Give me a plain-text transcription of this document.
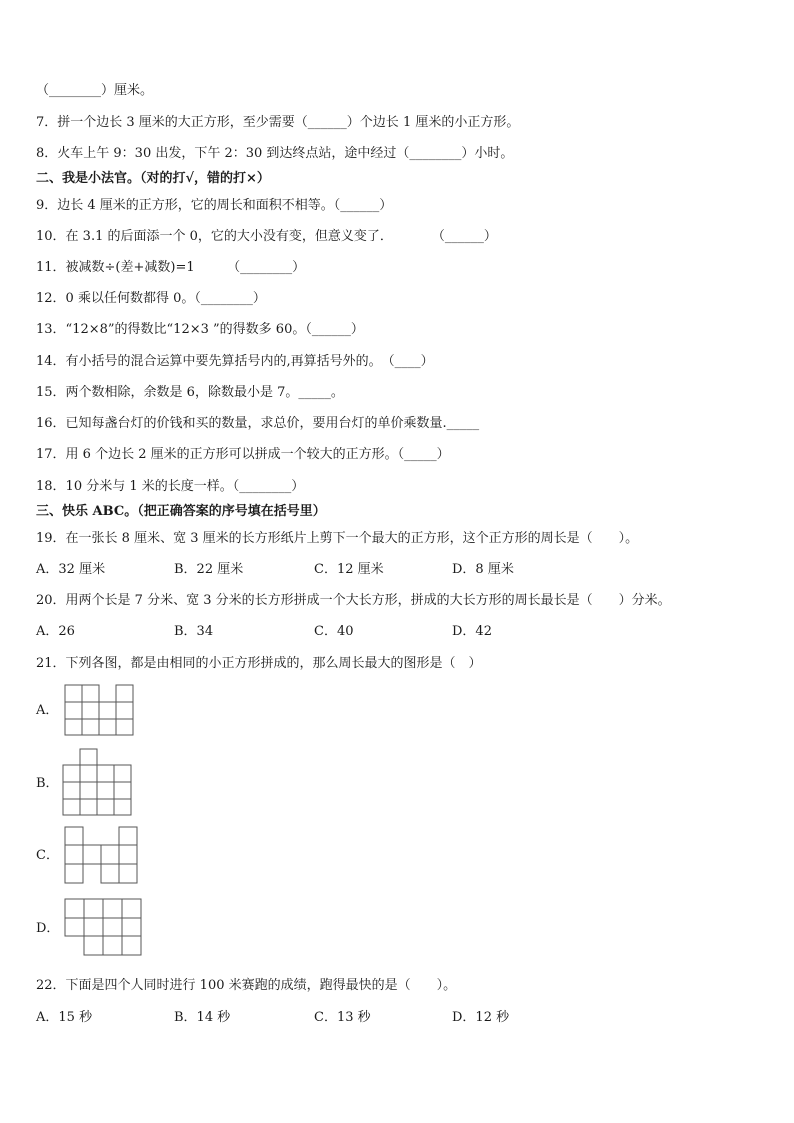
（________）厘米。
7．拼一个边长 3 厘米的大正方形，至少需要（______）个边长 1 厘米的小正方形。
8．火车上午 9：30 出发，下午 2：30 到达终点站，途中经过（________）小时。
二、我是小法官。（对的打√，错的打×）
9．边长 4 厘米的正方形，它的周长和面积不相等。（______）
10．在 3.1 的后面添一个 0，它的大小没有变，但意义变了．　　　　（______）
11．被减数÷(差+减数)=1　　　（________）
12．0 乘以任何数都得 0。（________）
13．“12×8”的得数比“12×3 ”的得数多 60。（______）
14．有小括号的混合运算中要先算括号内的,再算括号外的。　（____）
15．两个数相除，余数是 6，除数最小是 7。_____。
16．已知每盏台灯的价钱和买的数量，求总价，要用台灯的单价乘数量._____
17．用 6 个边长 2 厘米的正方形可以拼成一个较大的正方形。（_____）
18．10 分米与 1 米的长度一样。（________）
三、快乐 ABC。（把正确答案的序号填在括号里）
19．在一张长 8 厘米、宽 3 厘米的长方形纸片上剪下一个最大的正方形，这个正方形的周长是（　　）。
A．32 厘米	B．22 厘米	C．12 厘米	D．8 厘米
20．用两个长是 7 分米、宽 3 分米的长方形拼成一个大长方形，拼成的大长方形的周长最长是（　　）分米。
A．26	B．34	C．40	D．42
21．下列各图，都是由相同的小正方形拼成的，那么周长最大的图形是（　）
A．
B．
C．
D．
22．下面是四个人同时进行 100 米赛跑的成绩，跑得最快的是（　　）。
A．15 秒	B．14 秒	C．13 秒	D．12 秒
